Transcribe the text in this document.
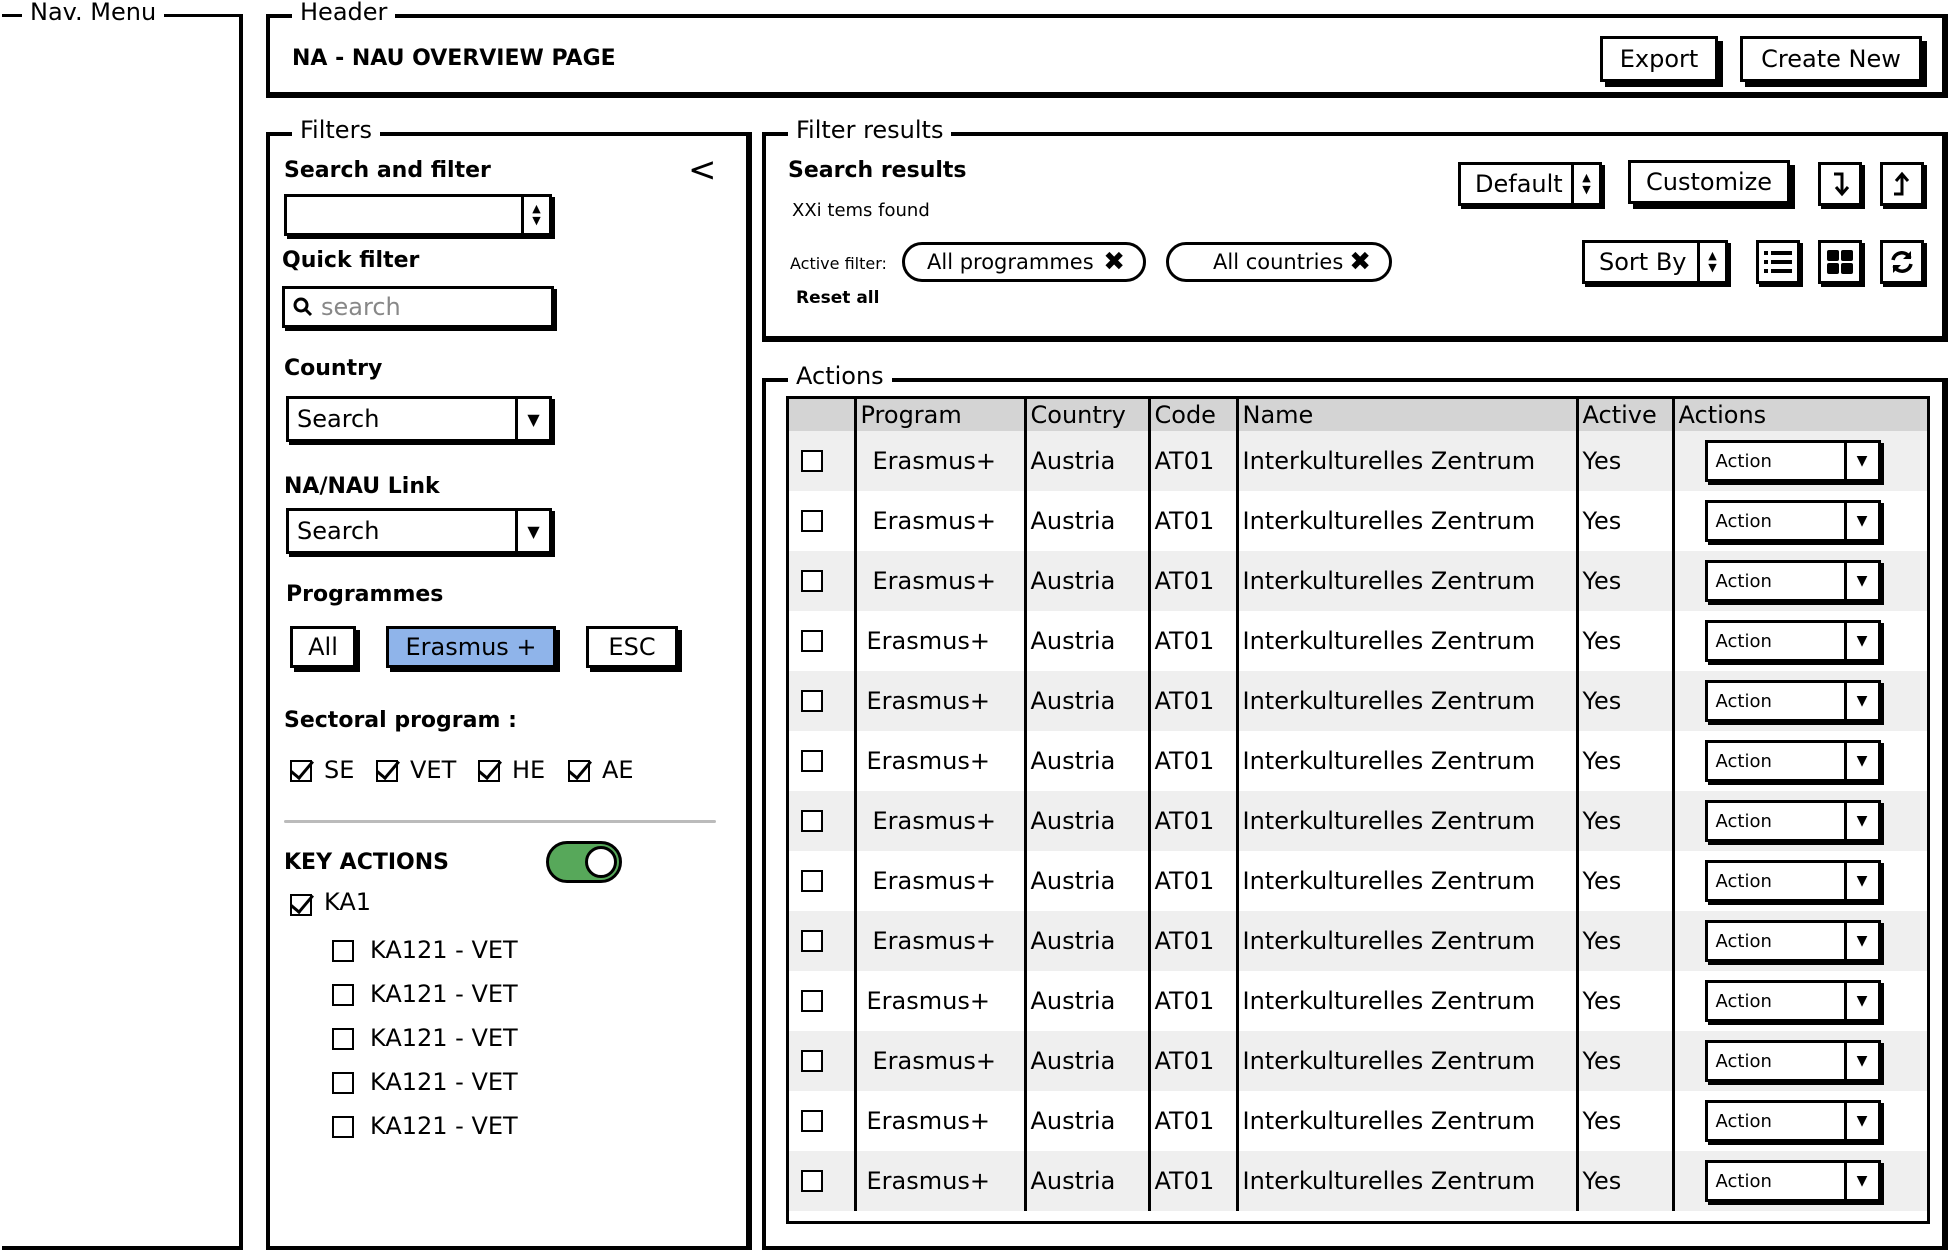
Nav. Menu	Header
NA - NAU OVERVIEW PAGE	Export	Create New
Filters
Search and filter	<
▲
▼
Quick filter
search
Country
Search	▼
NA/NAU Link
Search	▼
Programmes
All	Erasmus +	ESC
Sectoral program :
SE VET HE AE
KEY ACTIONS
KA1
KA121 - VET
KA121 - VET
KA121 - VET
KA121 - VET
KA121 - VET
Filter results
Search results
XXi tems found
Active filter:
Reset all
All programmes ✖	All countries ✖
Default ▲
▼	Customize
Sort By ▲
▼
Actions
	Program	Country	Code	Name	Active	Actions

	Erasmus+	Austria	AT01	Interkulturelles Zentrum	Yes	Action ▼

	Erasmus+	Austria	AT01	Interkulturelles Zentrum	Yes	Action ▼

	Erasmus+	Austria	AT01	Interkulturelles Zentrum	Yes	Action ▼

	Erasmus+	Austria	AT01	Interkulturelles Zentrum	Yes	Action ▼

	Erasmus+	Austria	AT01	Interkulturelles Zentrum	Yes	Action ▼

	Erasmus+	Austria	AT01	Interkulturelles Zentrum	Yes	Action ▼

	Erasmus+	Austria	AT01	Interkulturelles Zentrum	Yes	Action ▼

	Erasmus+	Austria	AT01	Interkulturelles Zentrum	Yes	Action ▼

	Erasmus+	Austria	AT01	Interkulturelles Zentrum	Yes	Action ▼

	Erasmus+	Austria	AT01	Interkulturelles Zentrum	Yes	Action ▼

	Erasmus+	Austria	AT01	Interkulturelles Zentrum	Yes	Action ▼

	Erasmus+	Austria	AT01	Interkulturelles Zentrum	Yes	Action ▼

	Erasmus+	Austria	AT01	Interkulturelles Zentrum	Yes	Action ▼
